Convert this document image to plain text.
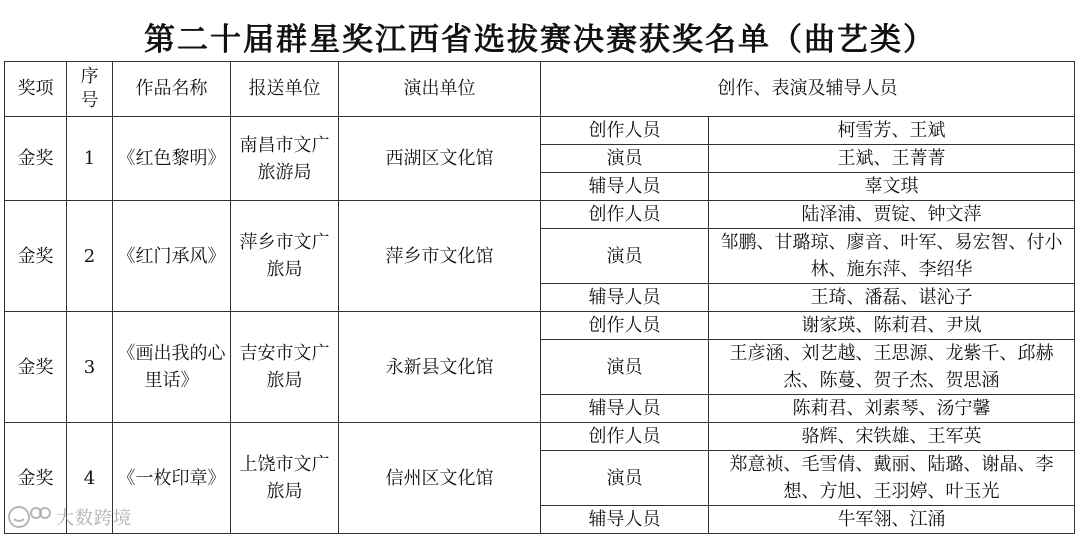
第二十届群星奖江西省选拔赛决赛获奖名单（曲艺类）
奖项	序号	作品名称	报送单位	演出单位	创作、表演及辅导人员	
金奖	1	《红色黎明》	南昌市文广旅游局	西湖区文化馆	创作人员	柯雪芳、王斌
					演员	王斌、王菁菁
					辅导人员	辜文琪
金奖	2	《红门承风》	萍乡市文广旅局	萍乡市文化馆	创作人员	陆泽浦、贾锭、钟文萍
					演员	邹鹏、甘璐琼、廖音、叶军、易宏智、付小林、施东萍、李绍华
					辅导人员	王琦、潘磊、谌沁子
金奖	3	《画出我的心里话》	吉安市文广旅局	永新县文化馆	创作人员	谢家瑛、陈莉君、尹岚
					演员	王彦涵、刘艺越、王思源、龙紫千、邱赫杰、陈蔓、贺子杰、贺思涵
					辅导人员	陈莉君、刘素琴、汤宁馨
金奖	4	《一枚印章》	上饶市文广旅局	信州区文化馆	创作人员	骆辉、宋铁雄、王军英
					演员	郑意祯、毛雪倩、戴丽、陆璐、谢晶、李想、方旭、王羽婷、叶玉光
					辅导人员	牛军翎、江涌
大数跨境
